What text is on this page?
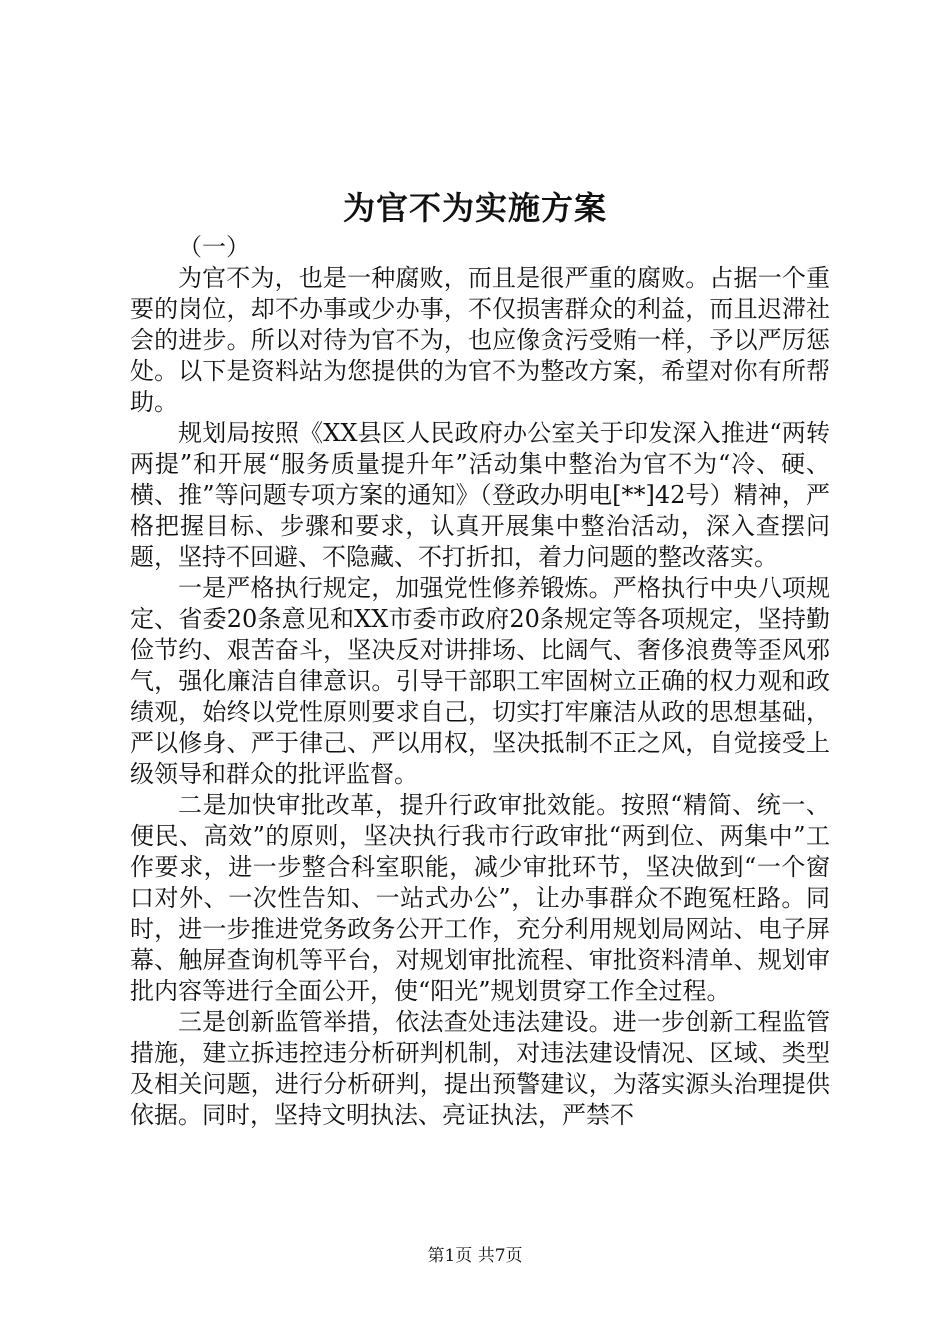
为官不为实施方案

（一）

为官不为，也是一种腐败，而且是很严重的腐败。占据一个重要的岗位，却不办事或少办事，不仅损害群众的利益，而且迟滞社会的进步。所以对待为官不为，也应像贪污受贿一样，予以严厉惩处。以下是资料站为您提供的为官不为整改方案，希望对你有所帮助。

规划局按照《XX县区人民政府办公室关于印发深入推进“两转两提”和开展“服务质量提升年”活动集中整治为官不为“冷、硬、横、推”等问题专项方案的通知》（登政办明电[**]42号）精神，严格把握目标、步骤和要求，认真开展集中整治活动，深入查摆问题，坚持不回避、不隐藏、不打折扣，着力问题的整改落实。

一是严格执行规定，加强党性修养锻炼。严格执行中央八项规定、省委20条意见和XX市委市政府20条规定等各项规定，坚持勤俭节约、艰苦奋斗，坚决反对讲排场、比阔气、奢侈浪费等歪风邪气，强化廉洁自律意识。引导干部职工牢固树立正确的权力观和政绩观，始终以党性原则要求自己，切实打牢廉洁从政的思想基础，严以修身、严于律己、严以用权，坚决抵制不正之风，自觉接受上级领导和群众的批评监督。

二是加快审批改革，提升行政审批效能。按照“精简、统一、便民、高效”的原则，坚决执行我市行政审批“两到位、两集中”工作要求，进一步整合科室职能，减少审批环节，坚决做到“一个窗口对外、一次性告知、一站式办公”，让办事群众不跑冤枉路。同时，进一步推进党务政务公开工作，充分利用规划局网站、电子屏幕、触屏查询机等平台，对规划审批流程、审批资料清单、规划审批内容等进行全面公开，使“阳光”规划贯穿工作全过程。

三是创新监管举措，依法查处违法建设。进一步创新工程监管措施，建立拆违控违分析研判机制，对违法建设情况、区域、类型及相关问题，进行分析研判，提出预警建议，为落实源头治理提供依据。同时，坚持文明执法、亮证执法，严禁不

第1页 共7页
